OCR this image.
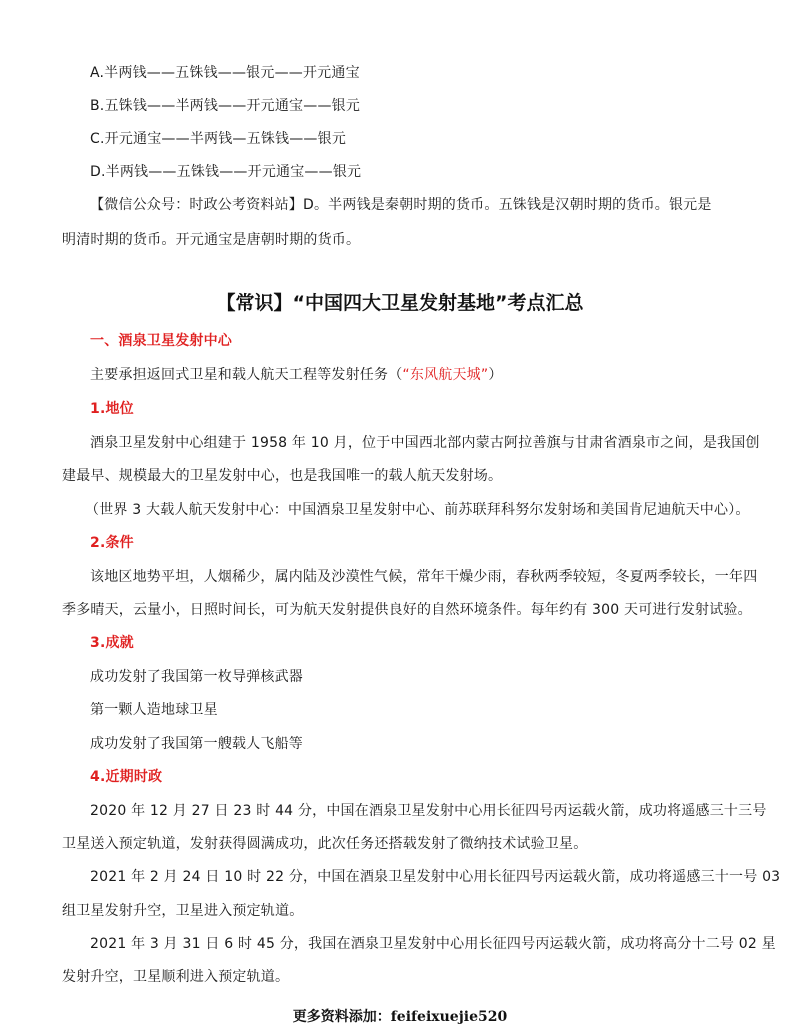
A.半两钱——五铢钱——银元——开元通宝
B.五铢钱——半两钱——开元通宝——银元
C.开元通宝——半两钱—五铢钱——银元
D.半两钱——五铢钱——开元通宝——银元
【微信公众号：时政公考资料站】D。半两钱是秦朝时期的货币。五铢钱是汉朝时期的货币。银元是
明清时期的货币。开元通宝是唐朝时期的货币。
【常识】“中国四大卫星发射基地”考点汇总
一、酒泉卫星发射中心
主要承担返回式卫星和载人航天工程等发射任务（“东风航天城”）
1.地位
酒泉卫星发射中心组建于 1958 年 10 月，位于中国西北部内蒙古阿拉善旗与甘肃省酒泉市之间，是我国创
建最早、规模最大的卫星发射中心，也是我国唯一的载人航天发射场。
（世界 3 大载人航天发射中心：中国酒泉卫星发射中心、前苏联拜科努尔发射场和美国肯尼迪航天中心）。
2.条件
该地区地势平坦，人烟稀少，属内陆及沙漠性气候，常年干燥少雨，春秋两季较短，冬夏两季较长，一年四
季多晴天，云量小，日照时间长，可为航天发射提供良好的自然环境条件。每年约有 300 天可进行发射试验。
3.成就
成功发射了我国第一枚导弹核武器
第一颗人造地球卫星
成功发射了我国第一艘载人飞船等
4.近期时政
2020 年 12 月 27 日 23 时 44 分，中国在酒泉卫星发射中心用长征四号丙运载火箭，成功将遥感三十三号
卫星送入预定轨道，发射获得圆满成功，此次任务还搭载发射了微纳技术试验卫星。
2021 年 2 月 24 日 10 时 22 分，中国在酒泉卫星发射中心用长征四号丙运载火箭，成功将遥感三十一号 03
组卫星发射升空，卫星进入预定轨道。
2021 年 3 月 31 日 6 时 45 分，我国在酒泉卫星发射中心用长征四号丙运载火箭，成功将高分十二号 02 星
发射升空，卫星顺利进入预定轨道。
更多资料添加：feifeixuejie520
